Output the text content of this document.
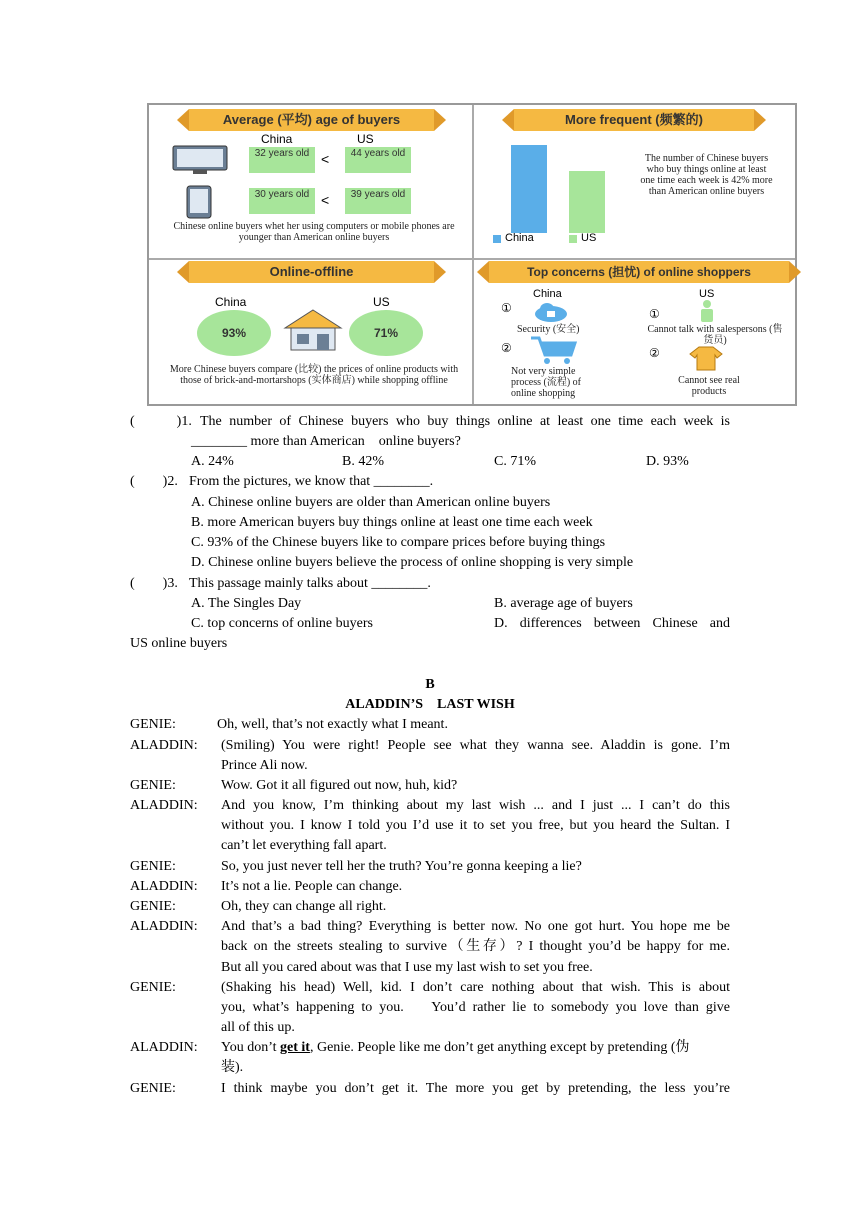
Average (平均) age of buyers
China	US
32 years old <	44 years old
30 years old <	39 years old
Chinese online buyers whet her using computers or mobile phones are younger than American online buyers
More frequent (频繁的)
China	US
The number of Chinese buyers who buy things online at least one time each week is 42% more than American online buyers
Online-offline
China	US
93%	71%
More Chinese buyers compare (比较) the prices of online products with those of brick-and-mortarshops (实体商店) while shopping offline
Top concerns (担忧) of online shoppers
China	US
①
Security (安全)
②
Not very simple process (流程) of online shopping
①
Cannot talk with salespersons (售货员)
②
Cannot see real products
(　　　)1. The number of Chinese buyers who buy things online at least one time each week is
________ more than American　online buyers?
A. 24%	B. 42%	C. 71%	D. 93%
(　　)2. From the pictures, we know that ________.
A. Chinese online buyers are older than American online buyers
B. more American buyers buy things online at least one time each week
C. 93% of the Chinese buyers like to compare prices before buying things
D. Chinese online buyers believe the process of online shopping is very simple
(　　)3. This passage mainly talks about ________.
A. The Singles Day	B. average age of buyers
C. top concerns of online buyers	D. differences between Chinese and
US online buyers
B
ALADDIN’S　LAST WISH
GENIE:	Oh, well, that’s not exactly what I meant.
ALADDIN: (Smiling) You were right! People see what they wanna see. Aladdin is gone. I’m
Prince Ali now.
GENIE:	Wow. Got it all figured out now, huh, kid?
ALADDIN: And you know, I’m thinking about my last wish ... and I just ... I can’t do this
without you. I know I told you I’d use it to set you free, but you heard the Sultan. I
can’t let everything fall apart.
GENIE:	So, you just never tell her the truth? You’re gonna keeping a lie?
ALADDIN: It’s not a lie. People can change.
GENIE:	Oh, they can change all right.
ALADDIN: And that’s a bad thing? Everything is better now. No one got hurt. You hope me be
back on the streets stealing to survive（生存）? I thought you’d be happy for me.
But all you cared about was that I use my last wish to set you free.
GENIE:	(Shaking his head) Well, kid. I don’t care nothing about that wish. This is about
you, what’s happening to you.　 You’d rather lie to somebody you love than give
all of this up.
ALADDIN: You don’t get it, Genie. People like me don’t get anything except by pretending (伪
装).
GENIE:	I think maybe you don’t get it. The more you get by pretending, the less you’re
